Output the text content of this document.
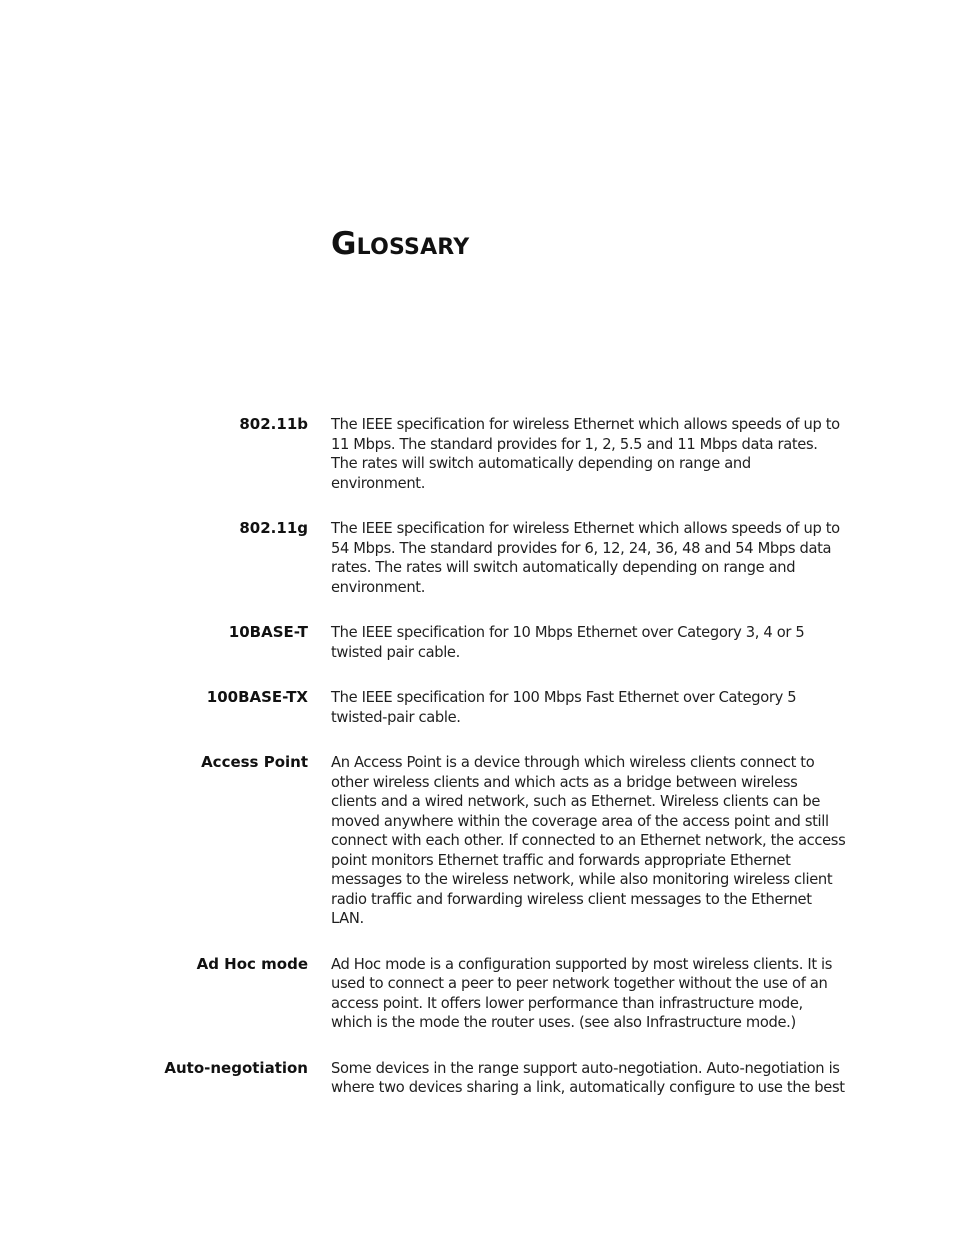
Glossary
802.11b The IEEE specification for wireless Ethernet which allows speeds of up to 11 Mbps. The standard provides for 1, 2, 5.5 and 11 Mbps data rates. The rates will switch automatically depending on range and environment.
802.11g The IEEE specification for wireless Ethernet which allows speeds of up to 54 Mbps. The standard provides for 6, 12, 24, 36, 48 and 54 Mbps data rates. The rates will switch automatically depending on range and environment.
10BASE-T The IEEE specification for 10 Mbps Ethernet over Category 3, 4 or 5 twisted pair cable.
100BASE-TX The IEEE specification for 100 Mbps Fast Ethernet over Category 5 twisted-pair cable.
Access Point An Access Point is a device through which wireless clients connect to other wireless clients and which acts as a bridge between wireless clients and a wired network, such as Ethernet. Wireless clients can be moved anywhere within the coverage area of the access point and still connect with each other. If connected to an Ethernet network, the access point monitors Ethernet traffic and forwards appropriate Ethernet messages to the wireless network, while also monitoring wireless client radio traffic and forwarding wireless client messages to the Ethernet LAN.
Ad Hoc mode Ad Hoc mode is a configuration supported by most wireless clients. It is used to connect a peer to peer network together without the use of an access point. It offers lower performance than infrastructure mode, which is the mode the router uses. (see also Infrastructure mode.)
Auto-negotiation Some devices in the range support auto-negotiation. Auto-negotiation is where two devices sharing a link, automatically configure to use the best
